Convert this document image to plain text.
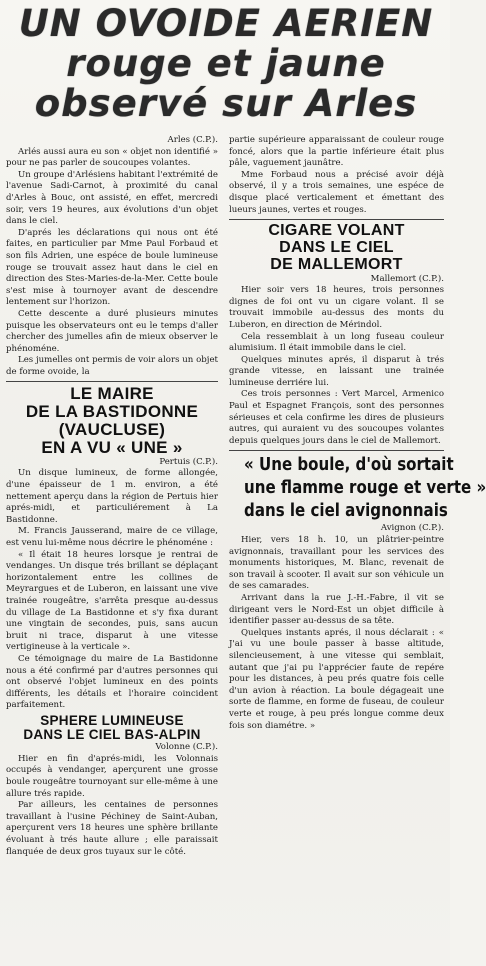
UN OVOIDE AERIEN
rouge et jaune
observé sur Arles
Arles (C.P.).

Arlés aussi aura eu son « objet non identifié » pour ne pas parler de soucoupes volantes.

Un groupe d'Arlésiens habitant l'extrémité de l'avenue Sadi-Carnot, à proximité du canal d'Arles à Bouc, ont assisté, en effet, mercredi soir, vers 19 heures, aux évolutions d'un objet dans le ciel.

D'aprés les déclarations qui nous ont été faites, en particulier par Mme Paul Forbaud et son fils Adrien, une espéce de boule lumineuse rouge se trouvait assez haut dans le ciel en direction des Stes-Maries-de-la-Mer. Cette boule s'est mise à tournoyer avant de descendre lentement sur l'horizon.

Cette descente a duré plusieurs minutes puisque les observateurs ont eu le temps d'aller chercher des jumelles afin de mieux observer le phénoméne.

Les jumelles ont permis de voir alors un objet de forme ovoide, la

LE MAIRE
DE LA BASTIDONNE
(VAUCLUSE)
EN A VU « UNE »
Pertuis (C.P.).

Un disque lumineux, de forme allongée, d'une épaisseur de 1 m. environ, a été nettement aperçu dans la région de Pertuis hier aprés-midi, et particuliérement à La Bastidonne.

M. Francis Jausserand, maire de ce village, est venu lui-même nous décrire le phénoméne :

« Il était 18 heures lorsque je rentrai de vendanges. Un disque trés brillant se déplaçant horizontalement entre les collines de Meyrargues et de Luberon, en laissant une vive trainée rougeâtre, s'arrêta presque au-dessus du village de La Bastidonne et s'y fixa durant une vingtain de secondes, puis, sans aucun bruit ni trace, disparut à une vitesse vertigineuse à la verticale ».

Ce témoignage du maire de La Bastidonne nous a été confirmé par d'autres personnes qui ont observé l'objet lumineux en des points différents, les détails et l'horaire coincident parfaitement.

SPHERE LUMINEUSE
DANS LE CIEL BAS-ALPIN
Volonne (C.P.).

Hier en fin d'aprés-midi, les Volonnais occupés à vendanger, aperçurent une grosse boule rougeâtre tournoyant sur elle-même à une allure trés rapide.

Par ailleurs, les centaines de personnes travaillant à l'usine Péchiney de Saint-Auban, aperçurent vers 18 heures une sphère brillante évoluant à trés haute allure ; elle paraissait flanquée de deux gros tuyaux sur le côté.

partie supérieure apparaissant de couleur rouge foncé, alors que la partie inférieure était plus pâle, vaguement jaunâtre.

Mme Forbaud nous a précisé avoir déjà observé, il y a trois semaines, une espéce de disque placé verticalement et émettant des lueurs jaunes, vertes et rouges.

CIGARE VOLANT
DANS LE CIEL
DE MALLEMORT
Mallemort (C.P.).

Hier soir vers 18 heures, trois personnes dignes de foi ont vu un cigare volant. Il se trouvait immobile au-dessus des monts du Luberon, en direction de Mérindol.

Cela ressemblait à un long fuseau couleur alumisium. Il était immobile dans le ciel.

Quelques minutes aprés, il disparut à trés grande vitesse, en laissant une trainée lumineuse derriére lui.

Ces trois personnes : Vert Marcel, Armenico Paul et Espagnet François, sont des personnes sérieuses et cela confirme les dires de plusieurs autres, qui auraient vu des soucoupes volantes depuis quelques jours dans le ciel de Mallemort.

« Une boule, d'où sortait
une flamme rouge et verte »
dans le ciel avignonnais
Avignon (C.P.).

Hier, vers 18 h. 10, un plâtrier-peintre avignonnais, travaillant pour les services des monuments historiques, M. Blanc, revenait de son travail à scooter. Il avait sur son véhicule un de ses camarades.

Arrivant dans la rue J.-H.-Fabre, il vit se dirigeant vers le Nord-Est un objet difficile à identifier passer au-dessus de sa tête.

Quelques instants aprés, il nous déclarait : « J'ai vu une boule passer à basse altitude, silencieusement, à une vitesse qui semblait, autant que j'ai pu l'apprécier faute de repére pour les distances, à peu prés quatre fois celle d'un avion à réaction. La boule dégageait une sorte de flamme, en forme de fuseau, de couleur verte et rouge, à peu prés longue comme deux fois son diamétre. »
